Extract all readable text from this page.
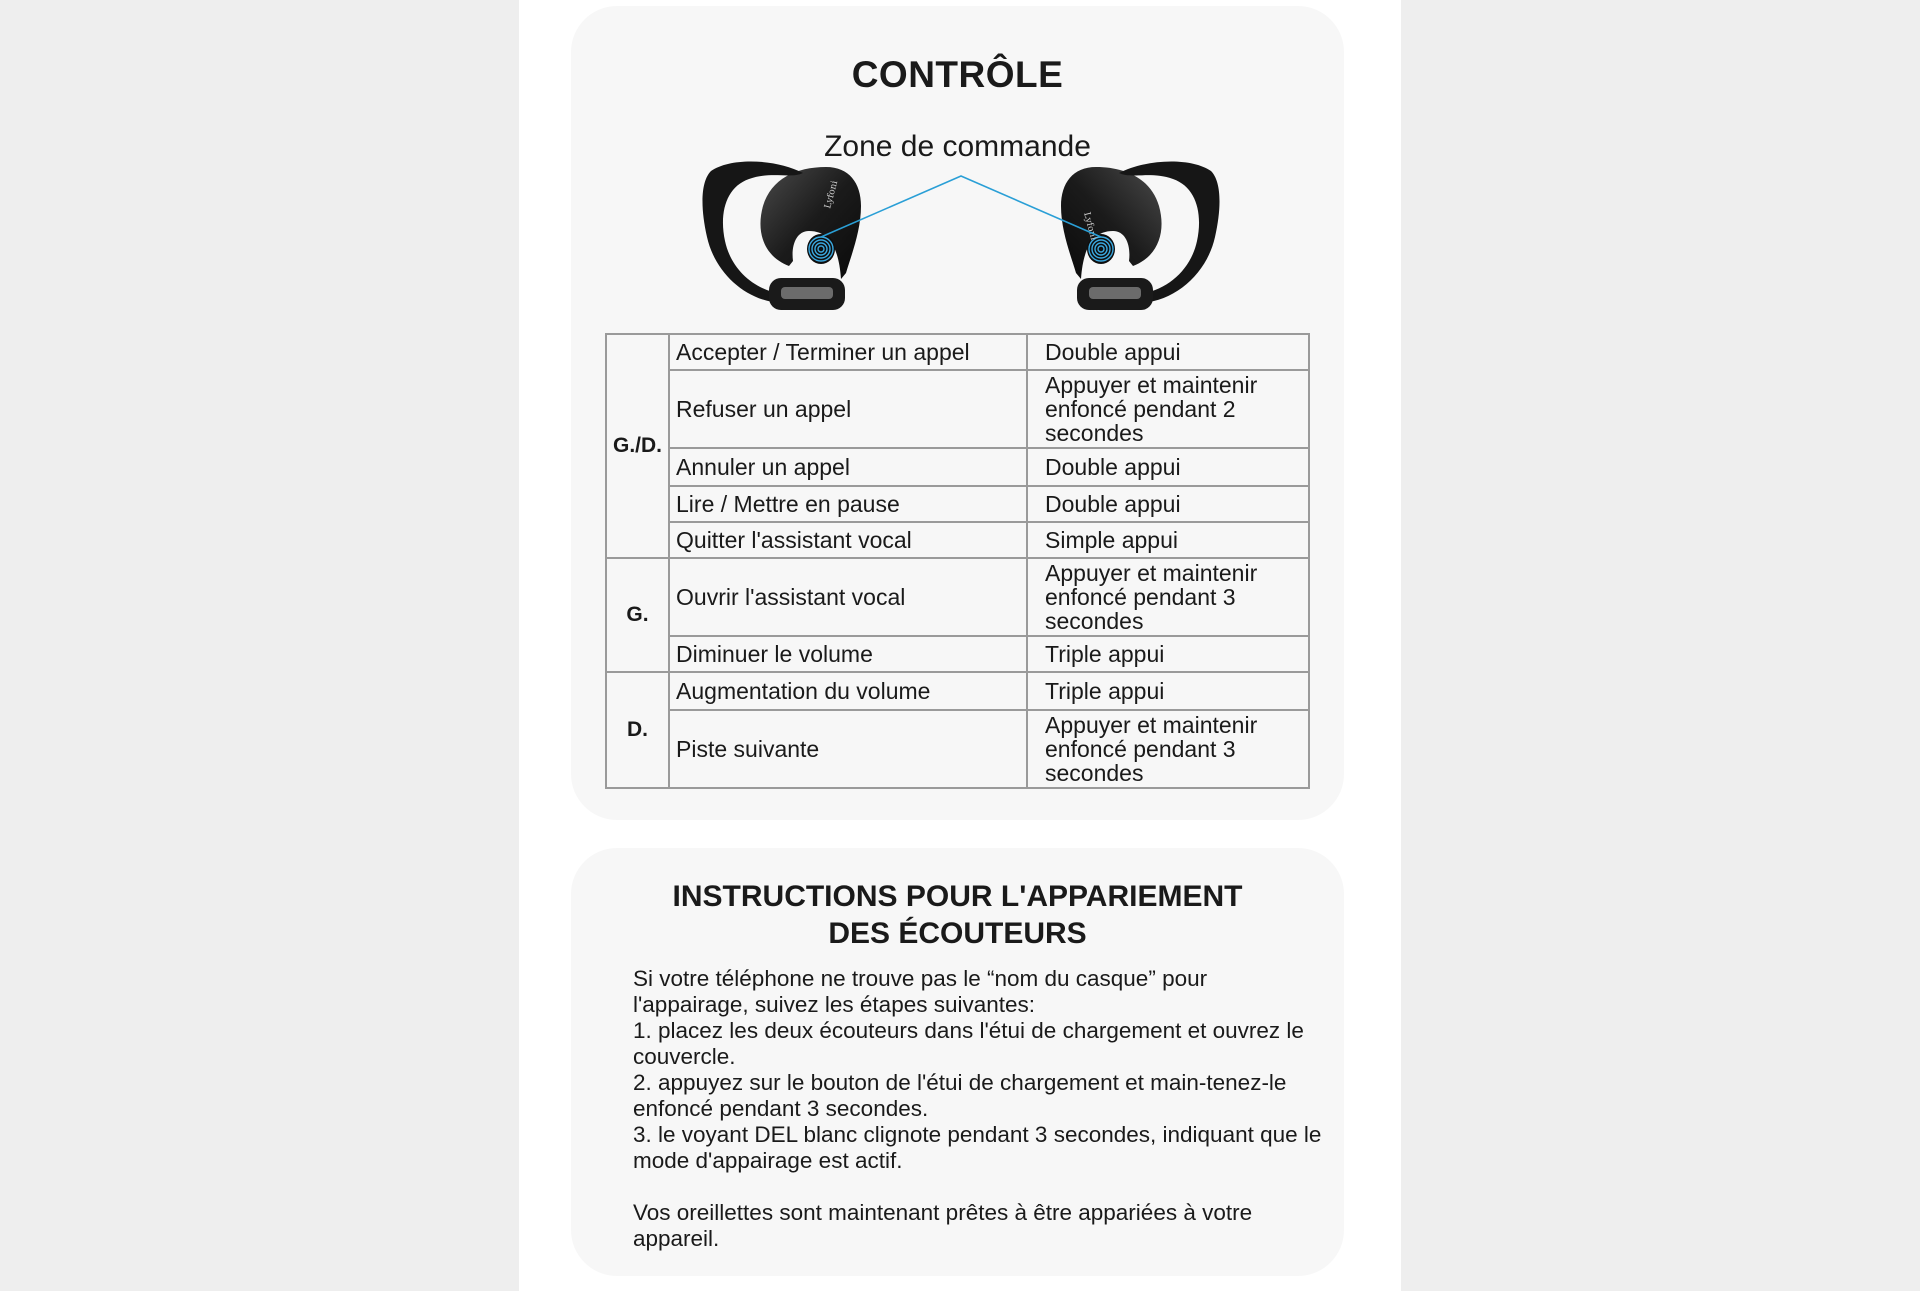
CONTRÔLE

Zone de commande

Lyfoni
Lyfoni
G./D.	Accepter / Terminer un appel	Double appui
	Refuser un appel	Appuyer et maintenir enfoncé pendant 2 secondes
	Annuler un appel	Double appui
	Lire / Mettre en pause	Double appui
	Quitter l'assistant vocal	Simple appui
G.	Ouvrir l'assistant vocal	Appuyer et maintenir enfoncé pendant 3 secondes
	Diminuer le volume	Triple appui
D.	Augmentation du volume	Triple appui
	Piste suivante	Appuyer et maintenir enfoncé pendant 3 secondes
INSTRUCTIONS POUR L'APPARIEMENT
DES ÉCOUTEURS

Si votre téléphone ne trouve pas le “nom du casque” pour l'appairage, suivez les étapes suivantes:

1. placez les deux écouteurs dans l'étui de chargement et ouvrez le couvercle.

2. appuyez sur le bouton de l'étui de chargement et main-tenez-le enfoncé pendant 3 secondes.

3. le voyant DEL blanc clignote pendant 3 secondes, indiquant que le mode d'appairage est actif.

Vos oreillettes sont maintenant prêtes à être appariées à votre appareil.
